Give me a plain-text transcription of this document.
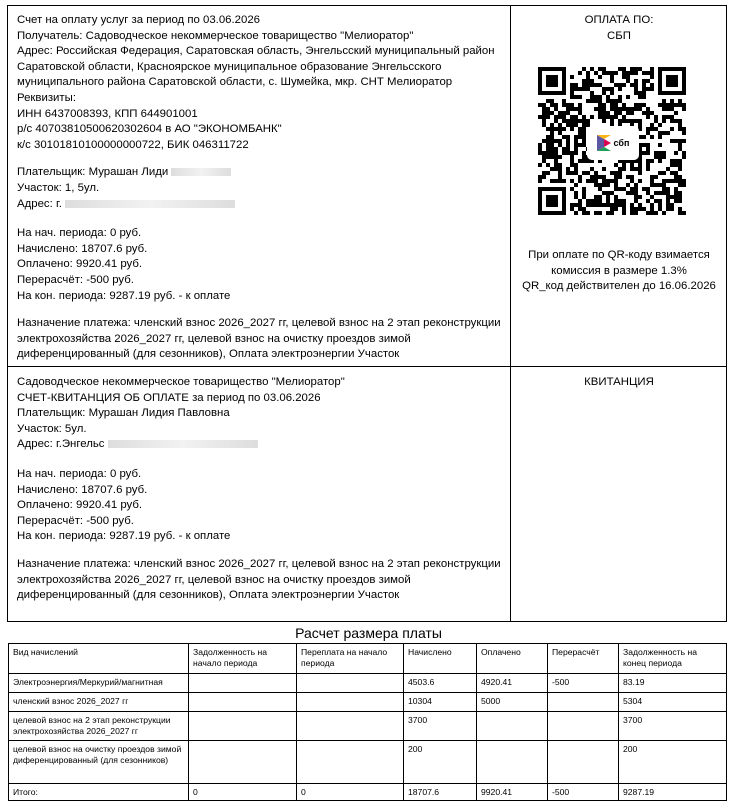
Счет на оплату услуг за период по 03.06.2026
Получатель: Садоводческое некоммерческое товарищество "Мелиоратор"
Адрес: Российская Федерация, Саратовская область, Энгельсский муниципальный район
Саратовской области, Красноярское муниципальное образование Энгельсского
муниципального района Саратовской области, с. Шумейка, мкр. СНТ Мелиоратор
Реквизиты:
ИНН 6437008393, КПП 644901001
р/с 40703810500620302604 в АО "ЭКОНОМБАНК"
к/с 30101810100000000722, БИК 046311722
Плательщик: Мурашан Лиди
Участок: 1, 5ул.
Адрес: г.
На нач. периода: 0 руб.
Начислено: 18707.6 руб.
Оплачено: 9920.41 руб.
Перерасчёт: -500 руб.
На кон. периода: 9287.19 руб. - к оплате
Назначение платежа: членский взнос 2026_2027 гг, целевой взнос на 2 этап реконструкции
электрохозяйства 2026_2027 гг, целевой взнос на очистку проездов зимой
диференцированный (для сезонников), Оплата электроэнергии Участок
ОПЛАТА ПО:
СБП
сбп
При оплате по QR-коду взимается
комиссия в размере 1.3%
QR_код действителен до 16.06.2026
Садоводческое некоммерческое товарищество "Мелиоратор"
СЧЕТ-КВИТАНЦИЯ ОБ ОПЛАТЕ за период по 03.06.2026
Плательщик: Мурашан Лидия Павловна
Участок: 5ул.
Адрес: г.Энгельс
На нач. периода: 0 руб.
Начислено: 18707.6 руб.
Оплачено: 9920.41 руб.
Перерасчёт: -500 руб.
На кон. периода: 9287.19 руб. - к оплате
Назначение платежа: членский взнос 2026_2027 гг, целевой взнос на 2 этап реконструкции
электрохозяйства 2026_2027 гг, целевой взнос на очистку проездов зимой
диференцированный (для сезонников), Оплата электроэнергии Участок
КВИТАНЦИЯ
Расчет размера платы
Вид начислений	Задолженность на начало периода	Переплата на начало периода	Начислено	Оплачено	Перерасчёт	Задолженность на конец периода
Электроэнергия/Меркурий/магнитная			4503.6	4920.41	-500	83.19
членский взнос 2026_2027 гг			10304	5000		5304
целевой взнос на 2 этап реконструкции электрохозяйства 2026_2027 гг			3700			3700
целевой взнос на очистку проездов зимой диференцированный (для сезонников)			200			200
Итого:	0	0	18707.6	9920.41	-500	9287.19
